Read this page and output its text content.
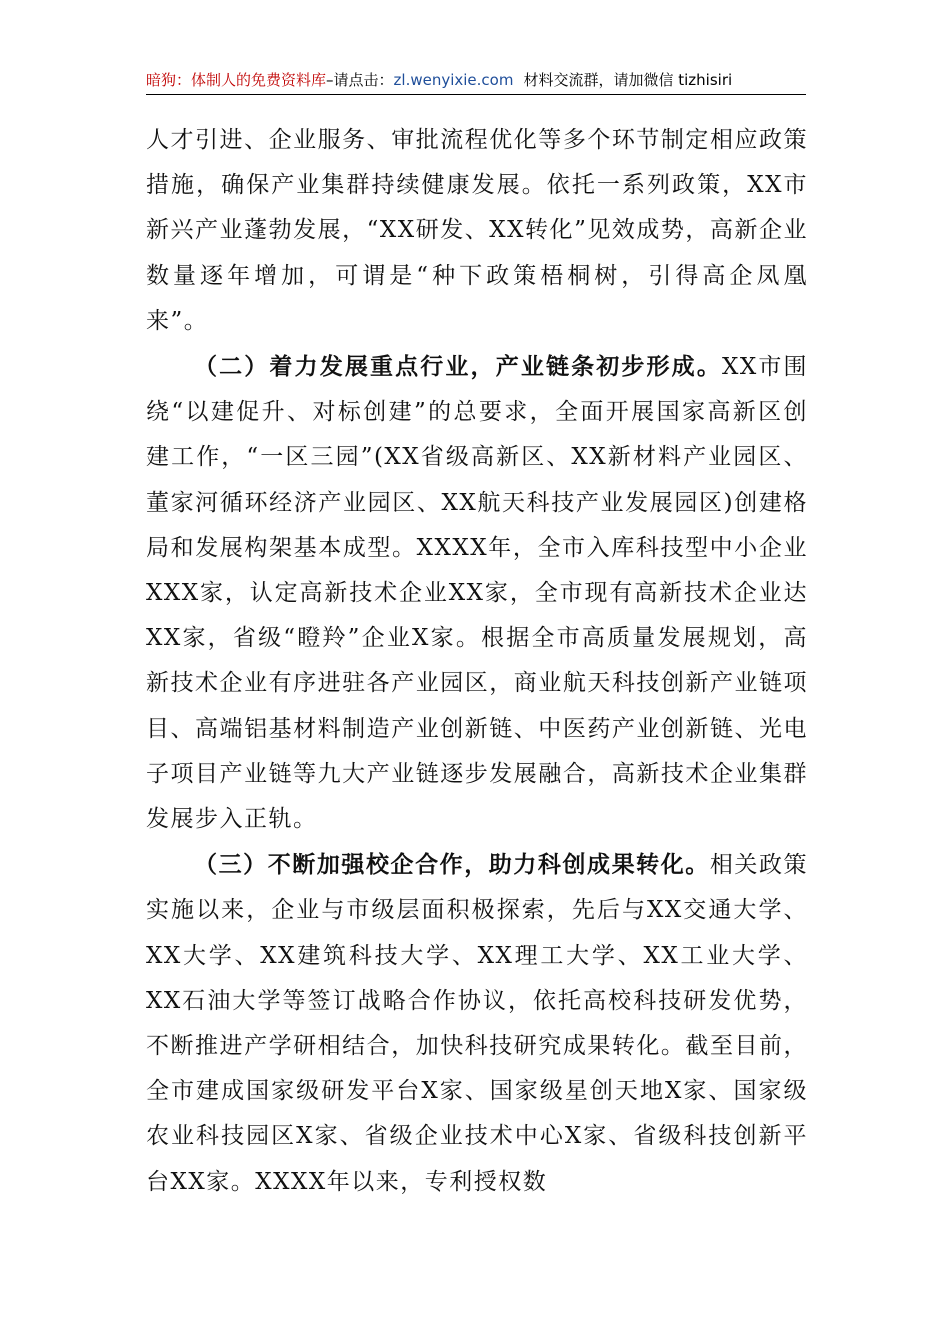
暗狗：体制人的免费资料库–请点击：zl.wenyixie.com 材料交流群，请加微信 tizhisiri

人才引进、企业服务、审批流程优化等多个环节制定相应政策措施，确保产业集群持续健康发展。依托一系列政策，XX市新兴产业蓬勃发展，“XX研发、XX转化”见效成势，高新企业数量逐年增加，可谓是“种下政策梧桐树，引得高企凤凰来”。

（二）着力发展重点行业，产业链条初步形成。XX市围绕“以建促升、对标创建”的总要求，全面开展国家高新区创建工作，“一区三园”(XX省级高新区、XX新材料产业园区、董家河循环经济产业园区、XX航天科技产业发展园区)创建格局和发展构架基本成型。XXXX年，全市入库科技型中小企业XXX家，认定高新技术企业XX家，全市现有高新技术企业达XX家，省级“瞪羚”企业X家。根据全市高质量发展规划，高新技术企业有序进驻各产业园区，商业航天科技创新产业链项目、高端铝基材料制造产业创新链、中医药产业创新链、光电子项目产业链等九大产业链逐步发展融合，高新技术企业集群发展步入正轨。

（三）不断加强校企合作，助力科创成果转化。相关政策实施以来，企业与市级层面积极探索，先后与XX交通大学、XX大学、XX建筑科技大学、XX理工大学、XX工业大学、XX石油大学等签订战略合作协议，依托高校科技研发优势，不断推进产学研相结合，加快科技研究成果转化。截至目前，全市建成国家级研发平台X家、国家级星创天地X家、国家级农业科技园区X家、省级企业技术中心X家、省级科技创新平台XX家。XXXX年以来，专利授权数
